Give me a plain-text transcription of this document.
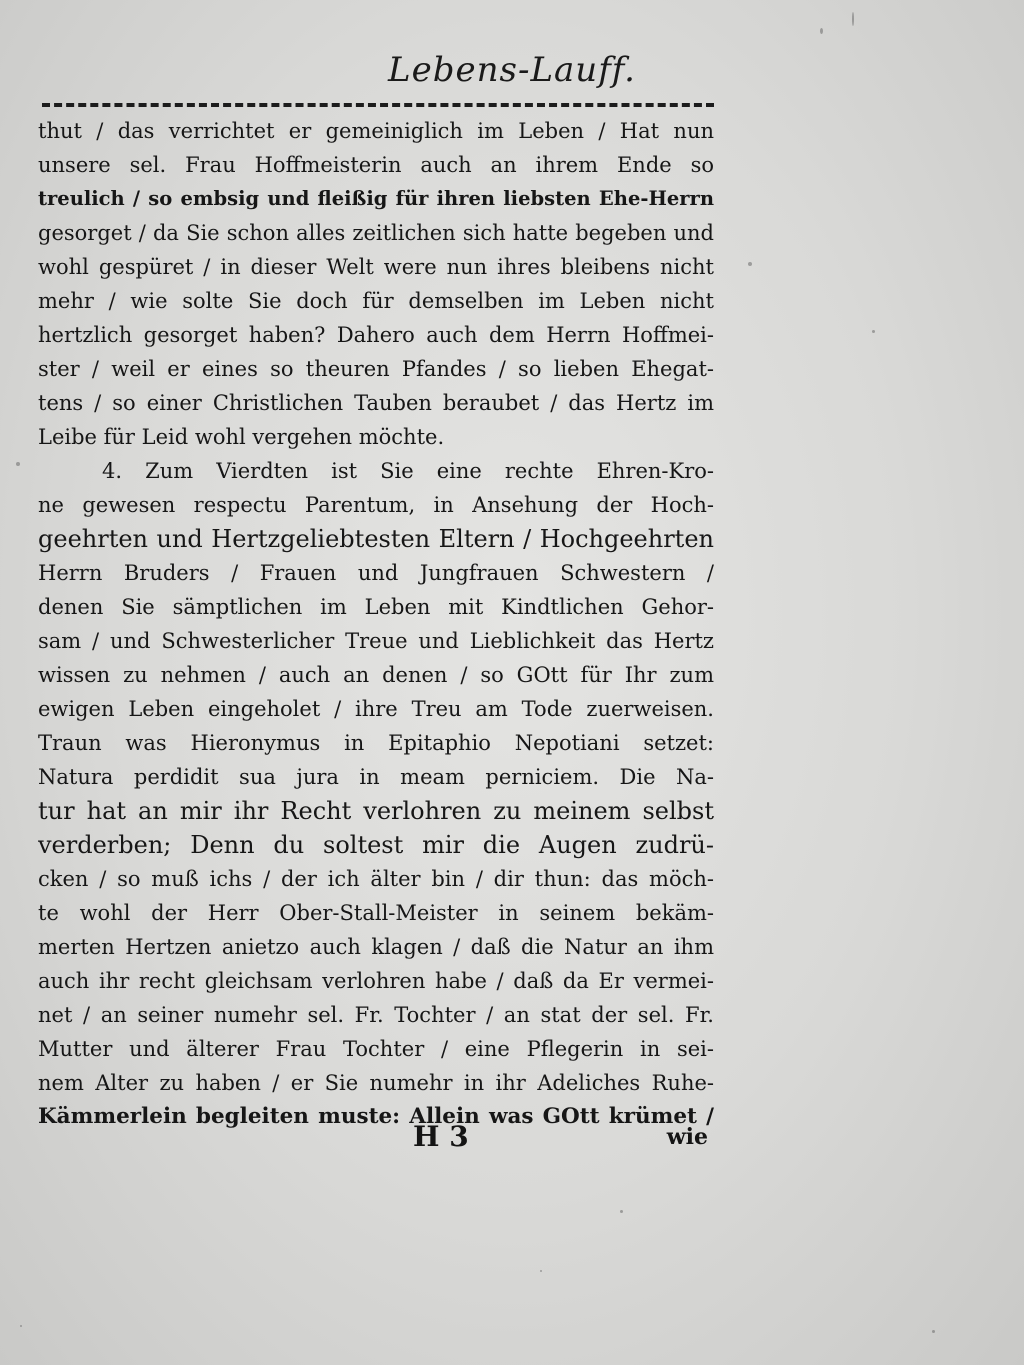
Lebens-Lauff.
thut / das verrichtet er gemeiniglich im Leben / Hat nun
unsere sel. Frau Hoffmeisterin auch an ihrem Ende so
treulich / so embsig und fleißig für ihren liebsten Ehe-Herrn
gesorget / da Sie schon alles zeitlichen sich hatte begeben und
wohl gespüret / in dieser Welt were nun ihres bleibens nicht
mehr / wie solte Sie doch für demselben im Leben nicht
hertzlich gesorget haben? Dahero auch dem Herrn Hoffmei-
ster / weil er eines so theuren Pfandes / so lieben Ehegat-
tens / so einer Christlichen Tauben beraubet / das Hertz im
Leibe für Leid wohl vergehen möchte.
4. Zum Vierdten ist Sie eine rechte Ehren-Kro-
ne gewesen respectu Parentum, in Ansehung der Hoch-
geehrten und Hertzgeliebtesten Eltern / Hochgeehrten
Herrn Bruders / Frauen und Jungfrauen Schwestern /
denen Sie sämptlichen im Leben mit Kindtlichen Gehor-
sam / und Schwesterlicher Treue und Lieblichkeit das Hertz
wissen zu nehmen / auch an denen / so GOtt für Ihr zum
ewigen Leben eingeholet / ihre Treu am Tode zuerweisen.
Traun was Hieronymus in Epitaphio Nepotiani setzet:
Natura perdidit sua jura in meam perniciem. Die Na-
tur hat an mir ihr Recht verlohren zu meinem selbst
verderben; Denn du soltest mir die Augen zudrü-
cken / so muß ichs / der ich älter bin / dir thun: das möch-
te wohl der Herr Ober-Stall-Meister in seinem bekäm-
merten Hertzen anietzo auch klagen / daß die Natur an ihm
auch ihr recht gleichsam verlohren habe / daß da Er vermei-
net / an seiner numehr sel. Fr. Tochter / an stat der sel. Fr.
Mutter und älterer Frau Tochter / eine Pflegerin in sei-
nem Alter zu haben / er Sie numehr in ihr Adeliches Ruhe-
Kämmerlein begleiten muste: Allein was GOtt krümet /
H 3	wie
